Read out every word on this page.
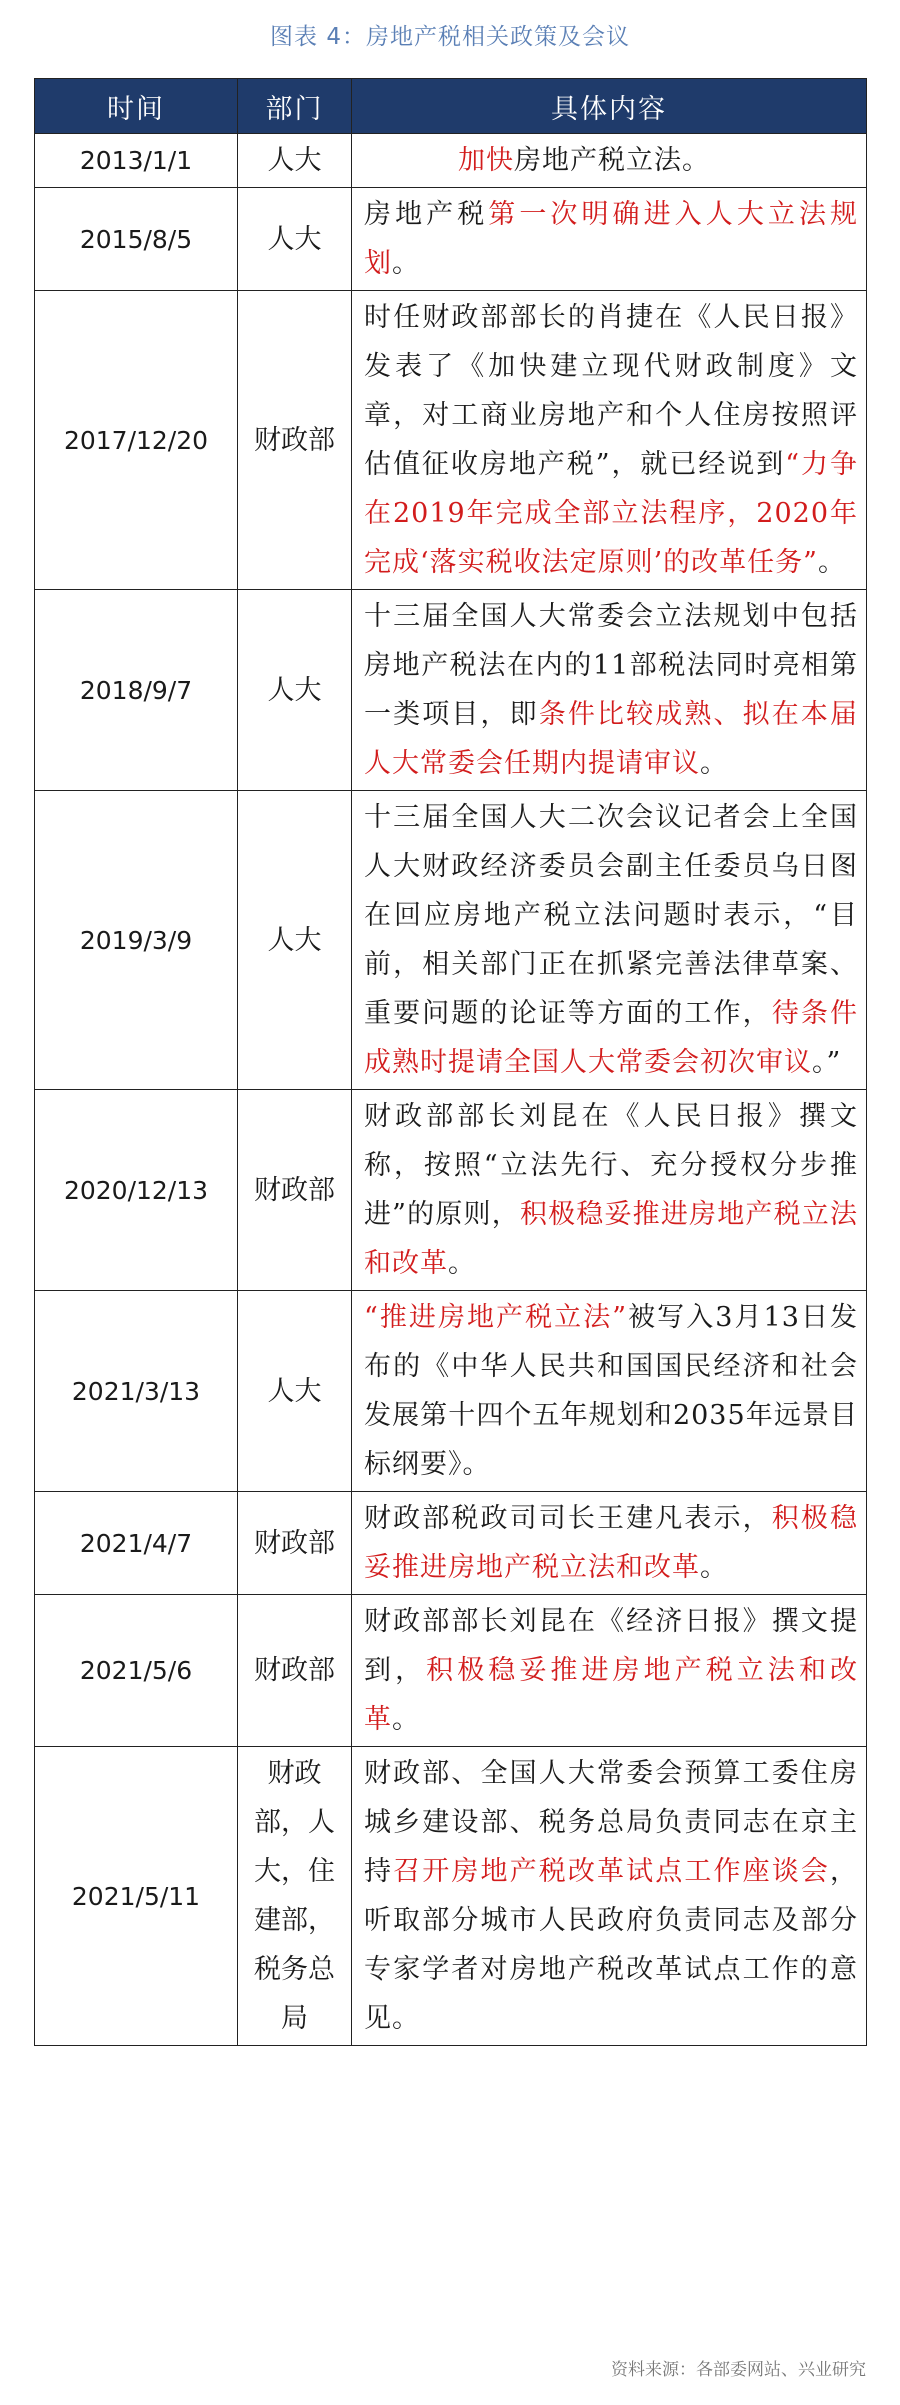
图表 4：房地产税相关政策及会议
时间	部门	具体内容
2013/1/1	人大	加快房地产税立法。
2015/8/5	人大	房地产税第一次明确进入人大立法规划。
2017/12/20	财政部	时任财政部部长的肖捷在《人民日报》发表了《加快建立现代财政制度》文章，对工商业房地产和个人住房按照评估值征收房地产税”，就已经说到“力争在2019年完成全部立法程序，2020年完成‘落实税收法定原则’的改革任务”。
2018/9/7	人大	十三届全国人大常委会立法规划中包括房地产税法在内的11部税法同时亮相第一类项目，即条件比较成熟、拟在本届人大常委会任期内提请审议。
2019/3/9	人大	十三届全国人大二次会议记者会上全国人大财政经济委员会副主任委员乌日图在回应房地产税立法问题时表示，“目前，相关部门正在抓紧完善法律草案、重要问题的论证等方面的工作，待条件成熟时提请全国人大常委会初次审议。”
2020/12/13	财政部	财政部部长刘昆在《人民日报》撰文称，按照“立法先行、充分授权分步推进”的原则，积极稳妥推进房地产税立法和改革。
2021/3/13	人大	“推进房地产税立法”被写入3月13日发布的《中华人民共和国国民经济和社会发展第十四个五年规划和2035年远景目标纲要》。
2021/4/7	财政部	财政部税政司司长王建凡表示，积极稳妥推进房地产税立法和改革。
2021/5/6	财政部	财政部部长刘昆在《经济日报》撰文提到，积极稳妥推进房地产税立法和改革。
2021/5/11	财政部，人大，住建部，税务总局	财政部、全国人大常委会预算工委住房城乡建设部、税务总局负责同志在京主持召开房地产税改革试点工作座谈会，听取部分城市人民政府负责同志及部分专家学者对房地产税改革试点工作的意见。
资料来源：各部委网站、兴业研究
